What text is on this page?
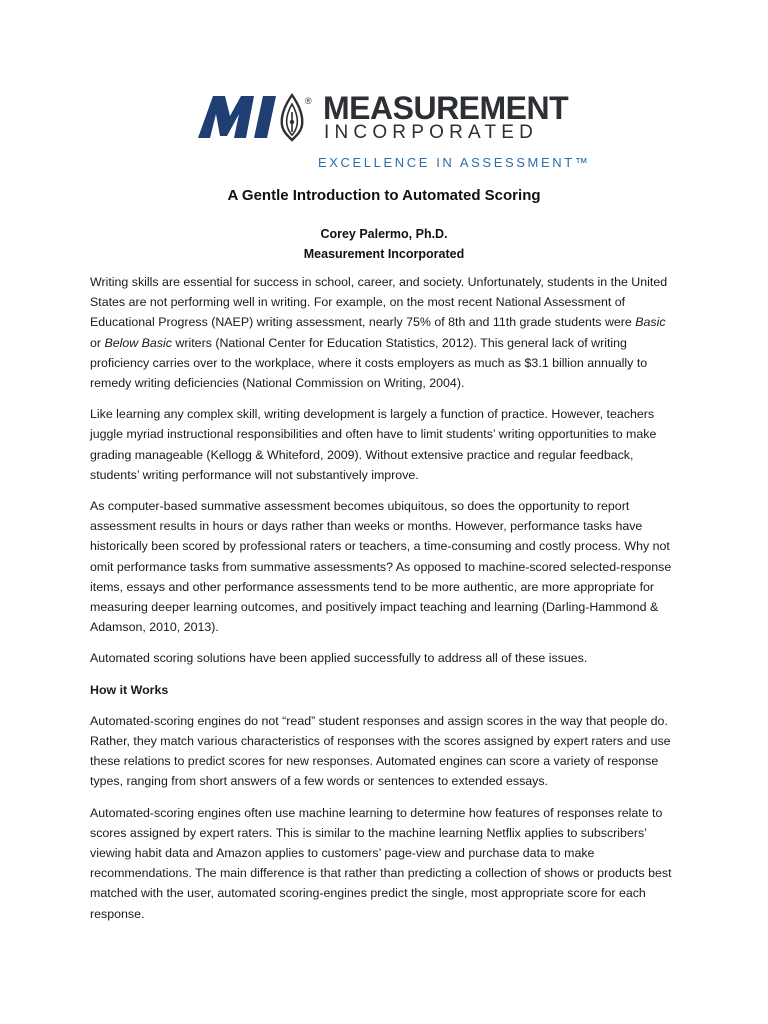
® MEASUREMENT
INCORPORATED
EXCELLENCE IN ASSESSMENT™
A Gentle Introduction to Automated Scoring
Corey Palermo, Ph.D.
Measurement Incorporated

Writing skills are essential for success in school, career, and society. Unfortunately, students in the United States are not performing well in writing. For example, on the most recent National Assessment of Educational Progress (NAEP) writing assessment, nearly 75% of 8th and 11th grade students were Basic or Below Basic writers (National Center for Education Statistics, 2012). This general lack of writing proficiency carries over to the workplace, where it costs employers as much as $3.1 billion annually to remedy writing deficiencies (National Commission on Writing, 2004).

Like learning any complex skill, writing development is largely a function of practice. However, teachers juggle myriad instructional responsibilities and often have to limit students’ writing opportunities to make grading manageable (Kellogg & Whiteford, 2009). Without extensive practice and regular feedback, students’ writing performance will not substantively improve.

As computer-based summative assessment becomes ubiquitous, so does the opportunity to report assessment results in hours or days rather than weeks or months. However, performance tasks have historically been scored by professional raters or teachers, a time-consuming and costly process. Why not omit performance tasks from summative assessments? As opposed to machine-scored selected-response items, essays and other performance assessments tend to be more authentic, are more appropriate for measuring deeper learning outcomes, and positively impact teaching and learning (Darling-Hammond & Adamson, 2010, 2013).

Automated scoring solutions have been applied successfully to address all of these issues.

How it Works

Automated-scoring engines do not “read” student responses and assign scores in the way that people do. Rather, they match various characteristics of responses with the scores assigned by expert raters and use these relations to predict scores for new responses. Automated engines can score a variety of response types, ranging from short answers of a few words or sentences to extended essays.

Automated-scoring engines often use machine learning to determine how features of responses relate to scores assigned by expert raters. This is similar to the machine learning Netflix applies to subscribers’ viewing habit data and Amazon applies to customers’ page-view and purchase data to make recommendations. The main difference is that rather than predicting a collection of shows or products best matched with the user, automated scoring-engines predict the single, most appropriate score for each response.
